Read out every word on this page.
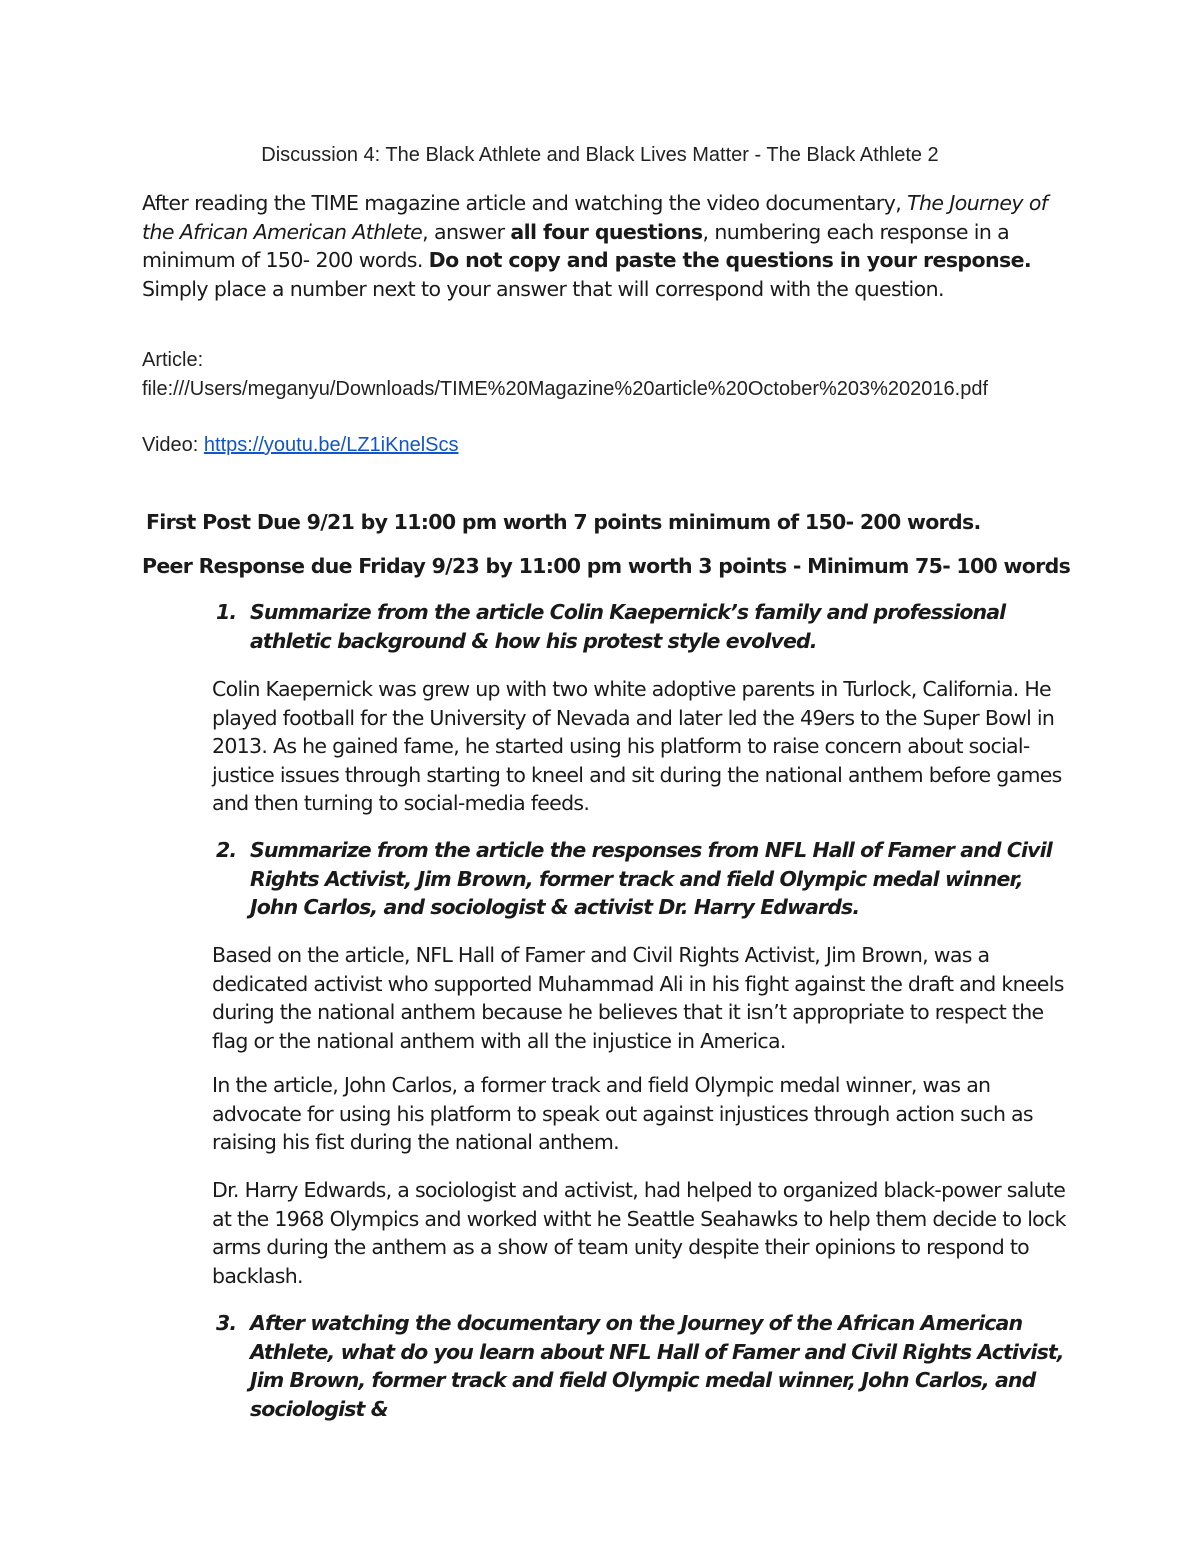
Discussion 4: The Black Athlete and Black Lives Matter - The Black Athlete 2
After reading the TIME magazine article and watching the video documentary, The Journey of the African American Athlete, answer all four questions, numbering each response in a minimum of 150- 200 words. Do not copy and paste the questions in your response. Simply place a number next to your answer that will correspond with the question.
Article:
file:///Users/meganyu/Downloads/TIME%20Magazine%20article%20October%203%202016.pdf
Video: https://youtu.be/LZ1iKnelScs
First Post Due 9/21 by 11:00 pm worth 7 points minimum of 150- 200 words.
Peer Response due Friday 9/23 by 11:00 pm worth 3 points - Minimum 75- 100 words
1. Summarize from the article Colin Kaepernick’s family and professional athletic background & how his protest style evolved.
Colin Kaepernick was grew up with two white adoptive parents in Turlock, California. He played football for the University of Nevada and later led the 49ers to the Super Bowl in 2013. As he gained fame, he started using his platform to raise concern about social-justice issues through starting to kneel and sit during the national anthem before games and then turning to social-media feeds.
2. Summarize from the article the responses from NFL Hall of Famer and Civil Rights Activist, Jim Brown, former track and field Olympic medal winner, John Carlos, and sociologist & activist Dr. Harry Edwards.
Based on the article, NFL Hall of Famer and Civil Rights Activist, Jim Brown, was a dedicated activist who supported Muhammad Ali in his fight against the draft and kneels during the national anthem because he believes that it isn’t appropriate to respect the flag or the national anthem with all the injustice in America.
In the article, John Carlos, a former track and field Olympic medal winner, was an advocate for using his platform to speak out against injustices through action such as raising his fist during the national anthem.
Dr. Harry Edwards, a sociologist and activist, had helped to organized black-power salute at the 1968 Olympics and worked witht he Seattle Seahawks to help them decide to lock arms during the anthem as a show of team unity despite their opinions to respond to backlash.
3. After watching the documentary on the Journey of the African American Athlete, what do you learn about NFL Hall of Famer and Civil Rights Activist, Jim Brown, former track and field Olympic medal winner, John Carlos, and sociologist &
